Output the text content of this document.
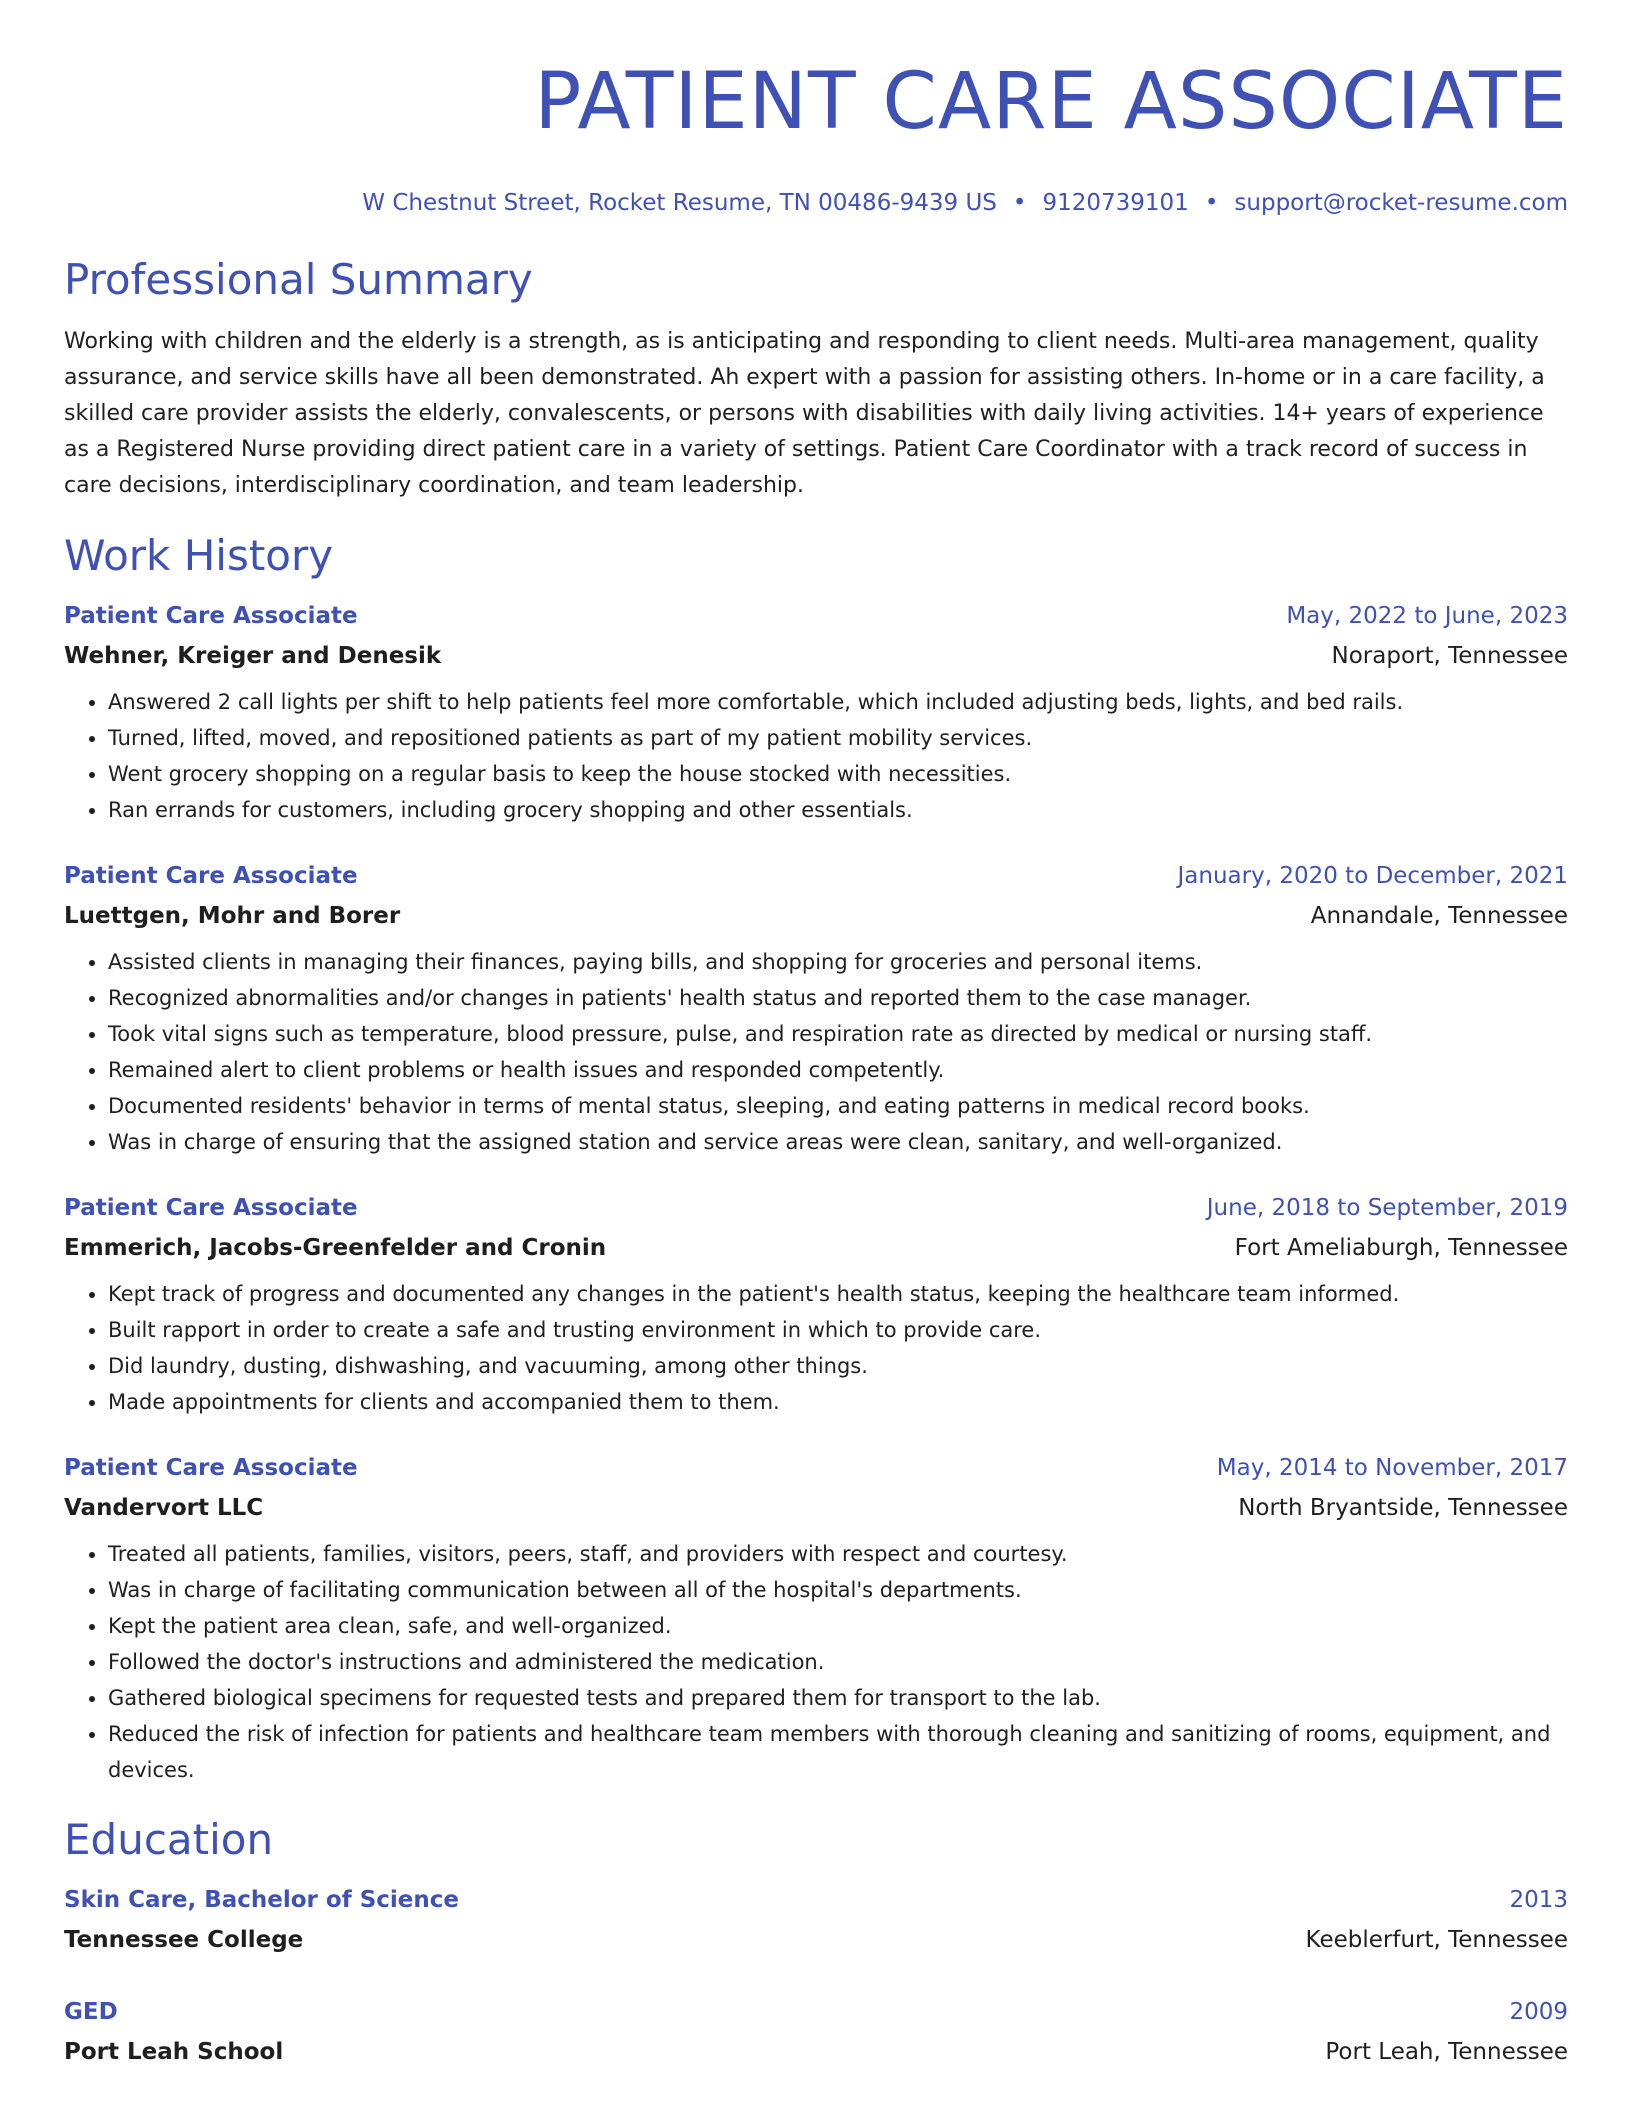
PATIENT CARE ASSOCIATE
W Chestnut Street, Rocket Resume, TN 00486-9439 US • 9120739101 • support@rocket-resume.com
Professional Summary

Working with children and the elderly is a strength, as is anticipating and responding to client needs. Multi-area management, quality assurance, and service skills have all been demonstrated. Ah expert with a passion for assisting others. In-home or in a care facility, a skilled care provider assists the elderly, convalescents, or persons with disabilities with daily living activities. 14+ years of experience as a Registered Nurse providing direct patient care in a variety of settings. Patient Care Coordinator with a track record of success in care decisions, interdisciplinary coordination, and team leadership.

Work History
Patient Care Associate	May, 2022 to June, 2023
Wehner, Kreiger and Denesik	Noraport, Tennessee
• Answered 2 call lights per shift to help patients feel more comfortable, which included adjusting beds, lights, and bed rails.
• Turned, lifted, moved, and repositioned patients as part of my patient mobility services.
• Went grocery shopping on a regular basis to keep the house stocked with necessities.
• Ran errands for customers, including grocery shopping and other essentials.
Patient Care Associate	January, 2020 to December, 2021
Luettgen, Mohr and Borer	Annandale, Tennessee
• Assisted clients in managing their finances, paying bills, and shopping for groceries and personal items.
• Recognized abnormalities and/or changes in patients' health status and reported them to the case manager.
• Took vital signs such as temperature, blood pressure, pulse, and respiration rate as directed by medical or nursing staff.
• Remained alert to client problems or health issues and responded competently.
• Documented residents' behavior in terms of mental status, sleeping, and eating patterns in medical record books.
• Was in charge of ensuring that the assigned station and service areas were clean, sanitary, and well-organized.
Patient Care Associate	June, 2018 to September, 2019
Emmerich, Jacobs-Greenfelder and Cronin	Fort Ameliaburgh, Tennessee
• Kept track of progress and documented any changes in the patient's health status, keeping the healthcare team informed.
• Built rapport in order to create a safe and trusting environment in which to provide care.
• Did laundry, dusting, dishwashing, and vacuuming, among other things.
• Made appointments for clients and accompanied them to them.
Patient Care Associate	May, 2014 to November, 2017
Vandervort LLC	North Bryantside, Tennessee
• Treated all patients, families, visitors, peers, staff, and providers with respect and courtesy.
• Was in charge of facilitating communication between all of the hospital's departments.
• Kept the patient area clean, safe, and well-organized.
• Followed the doctor's instructions and administered the medication.
• Gathered biological specimens for requested tests and prepared them for transport to the lab.
• Reduced the risk of infection for patients and healthcare team members with thorough cleaning and sanitizing of rooms, equipment, and devices.
Education
Skin Care, Bachelor of Science	2013
Tennessee College	Keeblerfurt, Tennessee
GED	2009
Port Leah School	Port Leah, Tennessee
